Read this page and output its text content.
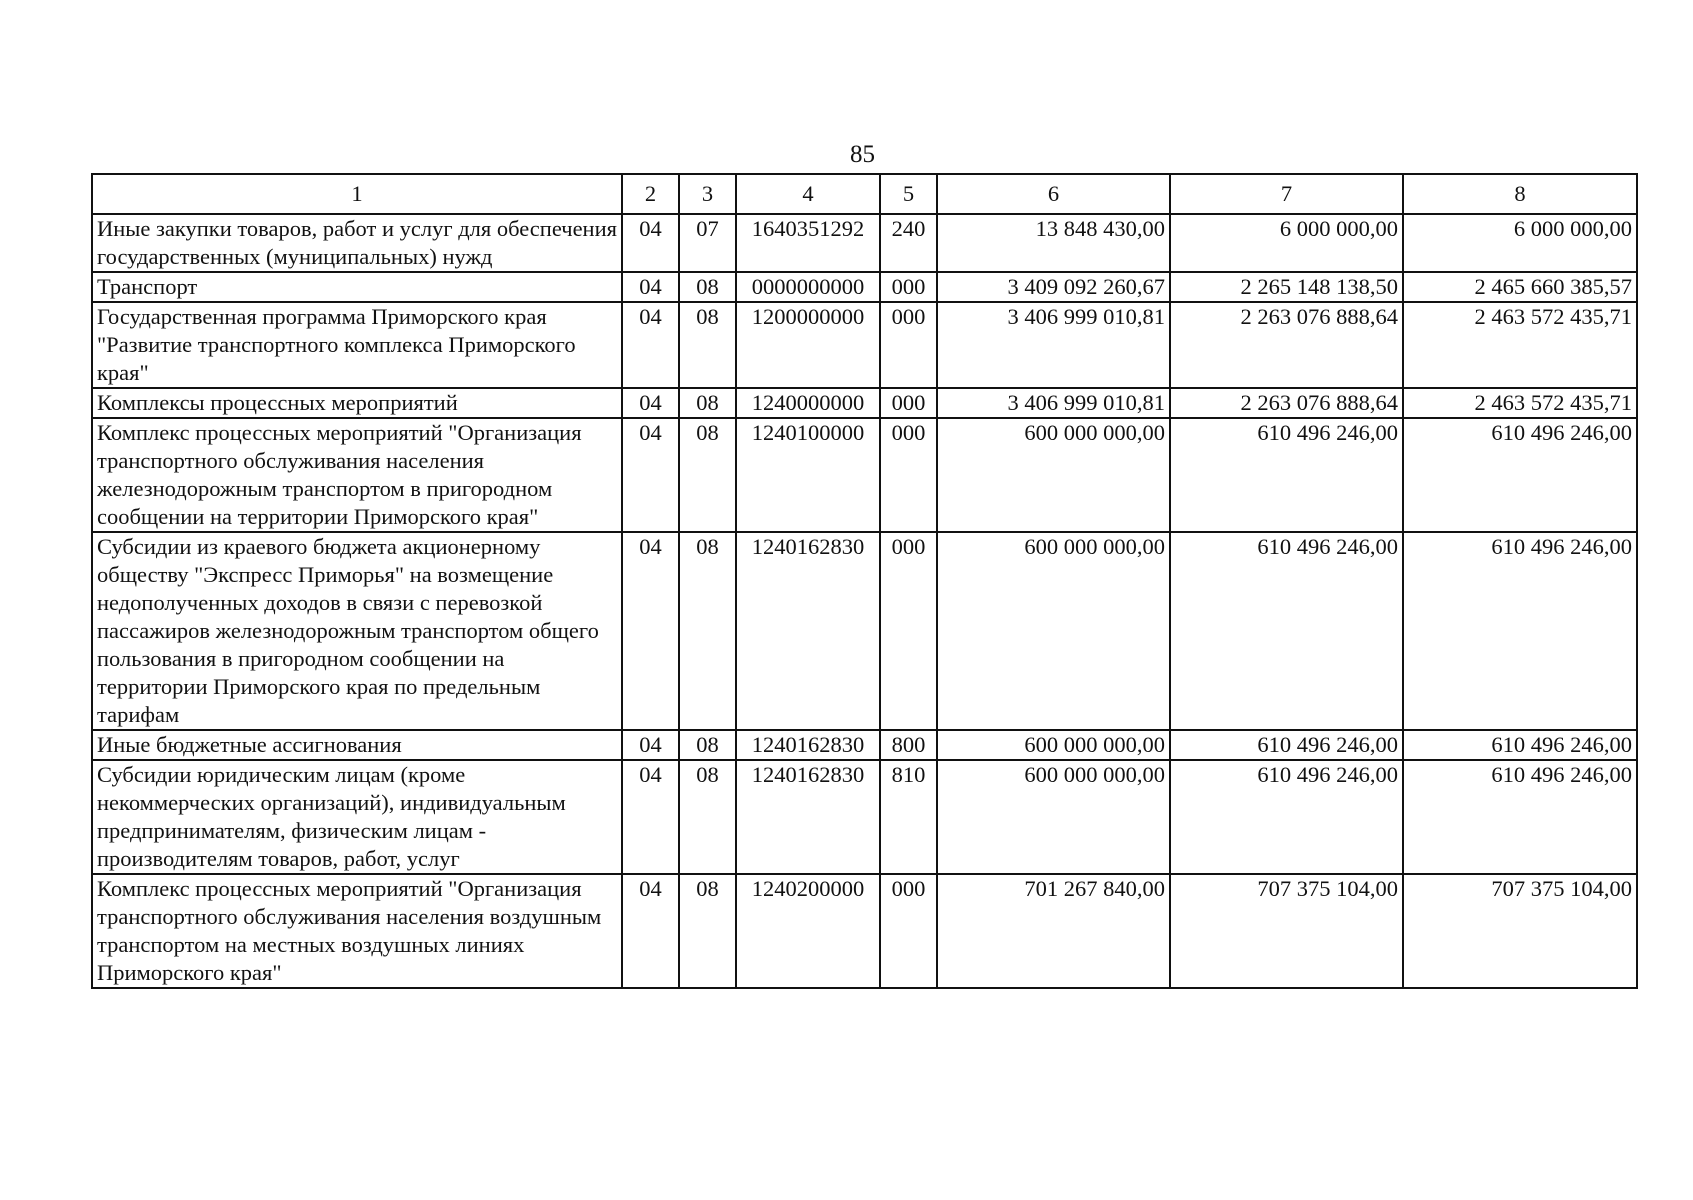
85
1	2	3	4	5	6	7	8
Иные закупки товаров, работ и услуг для обеспечения государственных (муниципальных) нужд	04	07	1640351292	240	13 848 430,00	6 000 000,00	6 000 000,00
Транспорт	04	08	0000000000	000	3 409 092 260,67	2 265 148 138,50	2 465 660 385,57
Государственная программа Приморского края "Развитие транспортного комплекса Приморского края"	04	08	1200000000	000	3 406 999 010,81	2 263 076 888,64	2 463 572 435,71
Комплексы процессных мероприятий	04	08	1240000000	000	3 406 999 010,81	2 263 076 888,64	2 463 572 435,71
Комплекс процессных мероприятий "Организация транспортного обслуживания населения железнодорожным транспортом в пригородном сообщении на территории Приморского края"	04	08	1240100000	000	600 000 000,00	610 496 246,00	610 496 246,00
Субсидии из краевого бюджета акционерному обществу "Экспресс Приморья" на возмещение недополученных доходов в связи с перевозкой пассажиров железнодорожным транспортом общего пользования в пригородном сообщении на территории Приморского края по предельным тарифам	04	08	1240162830	000	600 000 000,00	610 496 246,00	610 496 246,00
Иные бюджетные ассигнования	04	08	1240162830	800	600 000 000,00	610 496 246,00	610 496 246,00
Субсидии юридическим лицам (кроме некоммерческих организаций), индивидуальным предпринимателям, физическим лицам - производителям товаров, работ, услуг	04	08	1240162830	810	600 000 000,00	610 496 246,00	610 496 246,00
Комплекс процессных мероприятий "Организация транспортного обслуживания населения воздушным транспортом на местных воздушных линиях Приморского края"	04	08	1240200000	000	701 267 840,00	707 375 104,00	707 375 104,00
